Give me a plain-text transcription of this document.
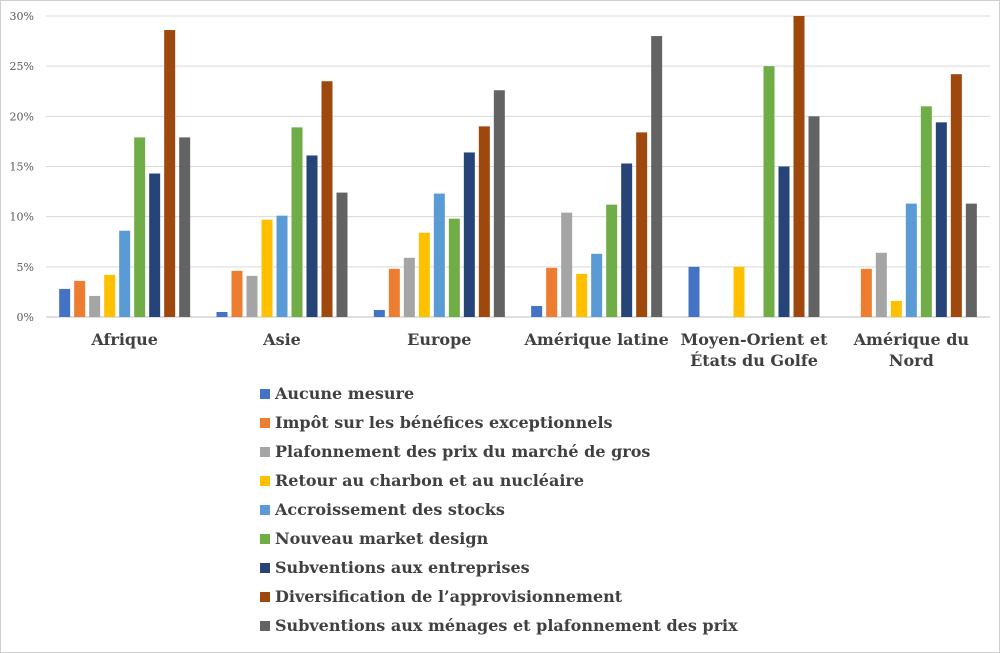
0%
5%
10%
15%
20%
25%
30%
Afrique	Asie	Europe	Amérique latine Moyen-Orient et États du Golfe
Amérique du Nord
Aucune mesure
Impôt sur les bénéfices exceptionnels
Plafonnement des prix du marché de gros
Retour au charbon et au nucléaire
Accroissement des stocks
Nouveau market design
Subventions aux entreprises
Diversification de l’approvisionnement
Subventions aux ménages et plafonnement des prix
